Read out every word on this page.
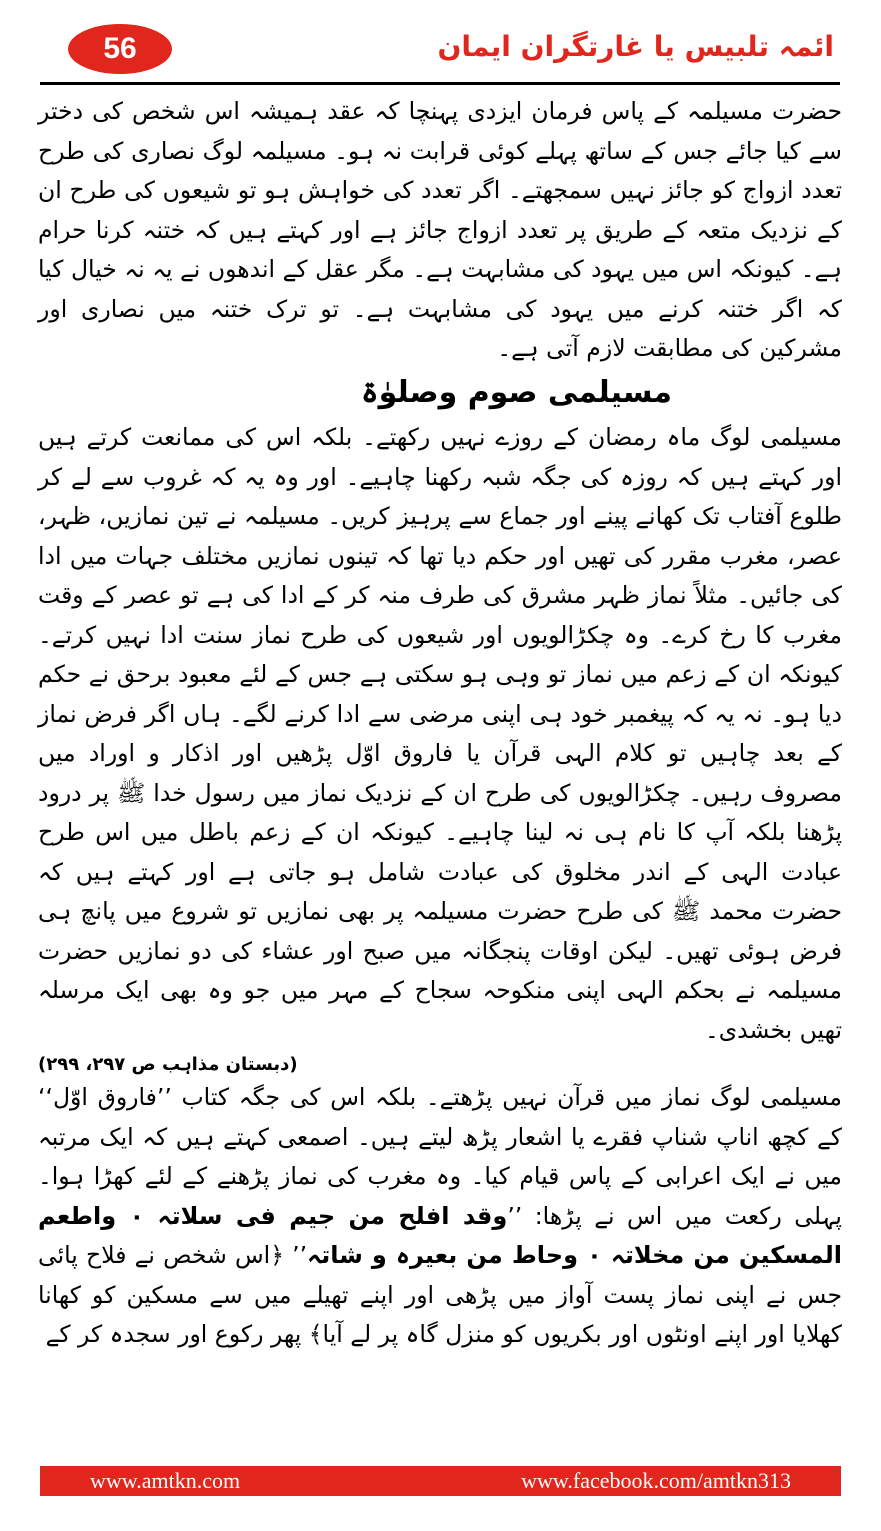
56	ائمہ تلبیس یا غارتگران ایمان

حضرت مسیلمہ کے پاس فرمان ایزدی پہنچا کہ عقد ہمیشہ اس شخص کی دختر سے کیا جائے جس کے ساتھ پہلے کوئی قرابت نہ ہو۔ مسیلمہ لوگ نصاری کی طرح تعدد ازواج کو جائز نہیں سمجھتے۔ اگر تعدد کی خواہش ہو تو شیعوں کی طرح ان کے نزدیک متعہ کے طریق پر تعدد ازواج جائز ہے اور کہتے ہیں کہ ختنہ کرنا حرام ہے۔ کیونکہ اس میں یہود کی مشابہت ہے۔ مگر عقل کے اندھوں نے یہ نہ خیال کیا کہ اگر ختنہ کرنے میں یہود کی مشابہت ہے۔ تو ترک ختنہ میں نصاری اور مشرکین کی مطابقت لازم آتی ہے۔

مسیلمی صوم وصلوٰۃ

مسیلمی لوگ ماہ رمضان کے روزے نہیں رکھتے۔ بلکہ اس کی ممانعت کرتے ہیں اور کہتے ہیں کہ روزہ کی جگہ شبہ رکھنا چاہیے۔ اور وہ یہ کہ غروب سے لے کر طلوع آفتاب تک کھانے پینے اور جماع سے پرہیز کریں۔ مسیلمہ نے تین نمازیں، ظہر، عصر، مغرب مقرر کی تھیں اور حکم دیا تھا کہ تینوں نمازیں مختلف جہات میں ادا کی جائیں۔ مثلاً نماز ظہر مشرق کی طرف منہ کر کے ادا کی ہے تو عصر کے وقت مغرب کا رخ کرے۔ وہ چکڑالویوں اور شیعوں کی طرح نماز سنت ادا نہیں کرتے۔ کیونکہ ان کے زعم میں نماز تو وہی ہو سکتی ہے جس کے لئے معبود برحق نے حکم دیا ہو۔ نہ یہ کہ پیغمبر خود ہی اپنی مرضی سے ادا کرنے لگے۔ ہاں اگر فرض نماز کے بعد چاہیں تو کلام الہی قرآن یا فاروق اوّل پڑھیں اور اذکار و اوراد میں مصروف رہیں۔ چکڑالویوں کی طرح ان کے نزدیک نماز میں رسول خدا ﷺ پر درود پڑھنا بلکہ آپ کا نام ہی نہ لینا چاہیے۔ کیونکہ ان کے زعم باطل میں اس طرح عبادت الہی کے اندر مخلوق کی عبادت شامل ہو جاتی ہے اور کہتے ہیں کہ حضرت محمد ﷺ کی طرح حضرت مسیلمہ پر بھی نمازیں تو شروع میں پانچ ہی فرض ہوئی تھیں۔ لیکن اوقات پنجگانہ میں صبح اور عشاء کی دو نمازیں حضرت مسیلمہ نے بحکم الہی اپنی منکوحہ سجاح کے مہر میں جو وہ بھی ایک مرسلہ تھیں بخشدی۔

(دبستان مذاہب ص ۲۹۷، ۲۹۹)

مسیلمی لوگ نماز میں قرآن نہیں پڑھتے۔ بلکہ اس کی جگہ کتاب ’’فاروق اوّل‘‘ کے کچھ اناپ شناپ فقرے یا اشعار پڑھ لیتے ہیں۔ اصمعی کہتے ہیں کہ ایک مرتبہ میں نے ایک اعرابی کے پاس قیام کیا۔ وہ مغرب کی نماز پڑھنے کے لئے کھڑا ہوا۔ پہلی رکعت میں اس نے پڑھا: ’’وقد افلح من جیم فی سلاتہ ۰ واطعم المسکین من مخلاتہ ۰ وحاط من بعیرہ و شاتہ’’ ﴿اس شخص نے فلاح پائی جس نے اپنی نماز پست آواز میں پڑھی اور اپنے تھیلے میں سے مسکین کو کھانا کھلایا اور اپنے اونٹوں اور بکریوں کو منزل گاہ پر لے آیا﴾ پھر رکوع اور سجدہ کر کے

www.amtkn.com	www.facebook.com/amtkn313
